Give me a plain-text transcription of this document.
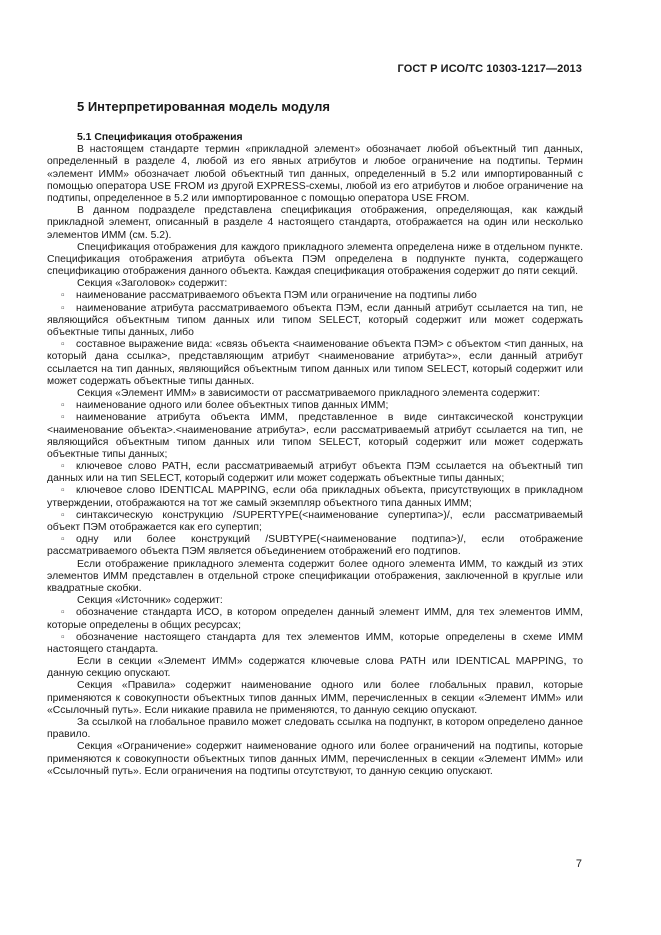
ГОСТ Р ИСО/ТС 10303-1217—2013
5 Интерпретированная модель модуля
5.1 Спецификация отображения

В настоящем стандарте термин «прикладной элемент» обозначает любой объектный тип данных, определенный в разделе 4, любой из его явных атрибутов и любое ограничение на подтипы. Термин «элемент ИММ» обозначает любой объектный тип данных, определенный в 5.2 или импортированный с помощью оператора USE FROM из другой EXPRESS-схемы, любой из его атрибутов и любое ограничение на подтипы, определенное в 5.2 или импортированное с помощью оператора USE FROM.

В данном подразделе представлена спецификация отображения, определяющая, как каждый прикладной элемент, описанный в разделе 4 настоящего стандарта, отображается на один или несколько элементов ИММ (см. 5.2).

Спецификация отображения для каждого прикладного элемента определена ниже в отдельном пункте. Спецификация отображения атрибута объекта ПЭМ определена в подпункте пункта, содержащего спецификацию отображения данного объекта. Каждая спецификация отображения содержит до пяти секций.

Секция «Заголовок» содержит:

▫ наименование рассматриваемого объекта ПЭМ или ограничение на подтипы либо

▫ наименование атрибута рассматриваемого объекта ПЭМ, если данный атрибут ссылается на тип, не являющийся объектным типом данных или типом SELECT, который содержит или может содержать объектные типы данных, либо

▫ составное выражение вида: «связь объекта <наименование объекта ПЭМ> с объектом <тип данных, на который дана ссылка>, представляющим атрибут <наименование атрибута>», если данный атрибут ссылается на тип данных, являющийся объектным типом данных или типом SELECT, который содержит или может содержать объектные типы данных.

Секция «Элемент ИММ» в зависимости от рассматриваемого прикладного элемента содержит:

▫ наименование одного или более объектных типов данных ИММ;

▫ наименование атрибута объекта ИММ, представленное в виде синтаксической конструкции <наименование объекта>.<наименование атрибута>, если рассматриваемый атрибут ссылается на тип, не являющийся объектным типом данных или типом SELECT, который содержит или может содержать объектные типы данных;

▫ ключевое слово PATH, если рассматриваемый атрибут объекта ПЭМ ссылается на объектный тип данных или на тип SELECT, который содержит или может содержать объектные типы данных;

▫ ключевое слово IDENTICAL MAPPING, если оба прикладных объекта, присутствующих в прикладном утверждении, отображаются на тот же самый экземпляр объектного типа данных ИММ;

▫ синтаксическую конструкцию /SUPERTYPE(<наименование супертипа>)/, если рассматриваемый объект ПЭМ отображается как его супертип;

▫ одну или более конструкций /SUBTYPE(<наименование подтипа>)/, если отображение рассматриваемого объекта ПЭМ является объединением отображений его подтипов.

Если отображение прикладного элемента содержит более одного элемента ИММ, то каждый из этих элементов ИММ представлен в отдельной строке спецификации отображения, заключенной в круглые или квадратные скобки.

Секция «Источник» содержит:

▫ обозначение стандарта ИСО, в котором определен данный элемент ИММ, для тех элементов ИММ, которые определены в общих ресурсах;

▫ обозначение настоящего стандарта для тех элементов ИММ, которые определены в схеме ИММ настоящего стандарта.

Если в секции «Элемент ИММ» содержатся ключевые слова PATH или IDENTICAL MAPPING, то данную секцию опускают.

Секция «Правила» содержит наименование одного или более глобальных правил, которые применяются к совокупности объектных типов данных ИММ, перечисленных в секции «Элемент ИММ» или «Ссылочный путь». Если никакие правила не применяются, то данную секцию опускают.

За ссылкой на глобальное правило может следовать ссылка на подпункт, в котором определено данное правило.

Секция «Ограничение» содержит наименование одного или более ограничений на подтипы, которые применяются к совокупности объектных типов данных ИММ, перечисленных в секции «Элемент ИММ» или «Ссылочный путь». Если ограничения на подтипы отсутствуют, то данную секцию опускают.

7
